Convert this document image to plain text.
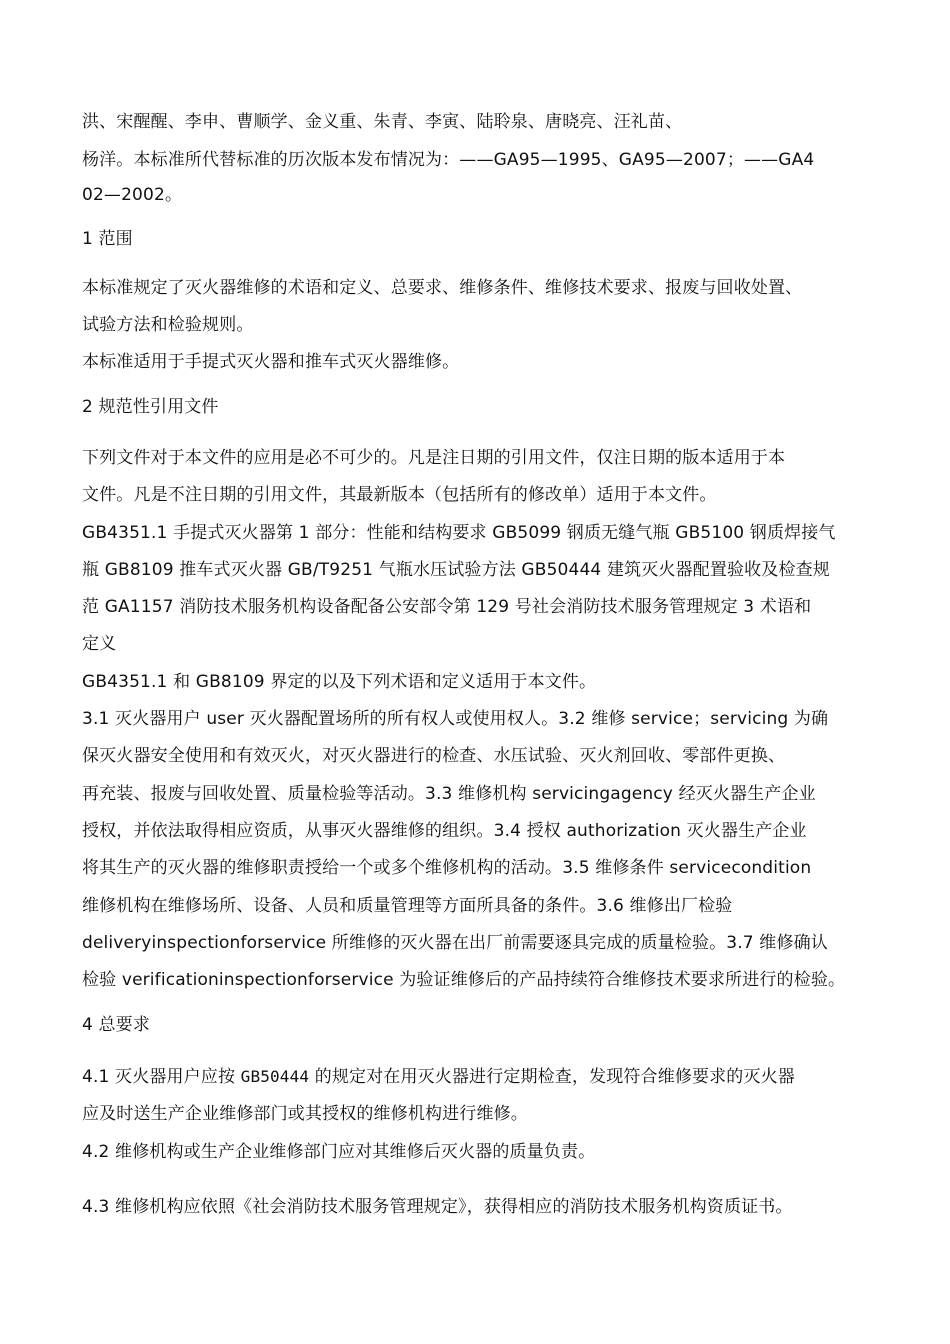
洪、宋醒醒、李申、曹顺学、金义重、朱青、李寅、陆聆泉、唐晓亮、汪礼苗、
杨洋。本标准所代替标准的历次版本发布情况为：——GA95—1995、GA95—2007；——GA4
02—2002。
1 范围
本标准规定了灭火器维修的术语和定义、总要求、维修条件、维修技术要求、报废与回收处置、
试验方法和检验规则。
本标准适用于手提式灭火器和推车式灭火器维修。
2 规范性引用文件
下列文件对于本文件的应用是必不可少的。凡是注日期的引用文件，仅注日期的版本适用于本
文件。凡是不注日期的引用文件，其最新版本（包括所有的修改单）适用于本文件。
GB4351.1 手提式灭火器第 1 部分：性能和结构要求 GB5099 钢质无缝气瓶 GB5100 钢质焊接气
瓶 GB8109 推车式灭火器 GB/T9251 气瓶水压试验方法 GB50444 建筑灭火器配置验收及检查规
范 GA1157 消防技术服务机构设备配备公安部令第 129 号社会消防技术服务管理规定 3 术语和
定义
GB4351.1 和 GB8109 界定的以及下列术语和定义适用于本文件。
3.1 灭火器用户 user 灭火器配置场所的所有权人或使用权人。3.2 维修 service；servicing 为确
保灭火器安全使用和有效灭火，对灭火器进行的检查、水压试验、灭火剂回收、零部件更换、
再充装、报废与回收处置、质量检验等活动。3.3 维修机构 servicingagency 经灭火器生产企业
授权，并依法取得相应资质，从事灭火器维修的组织。3.4 授权 authorization 灭火器生产企业
将其生产的灭火器的维修职责授给一个或多个维修机构的活动。3.5 维修条件 servicecondition
维修机构在维修场所、设备、人员和质量管理等方面所具备的条件。3.6 维修出厂检验
deliveryinspectionforservice 所维修的灭火器在出厂前需要逐具完成的质量检验。3.7 维修确认
检验 verificationinspectionforservice 为验证维修后的产品持续符合维修技术要求所进行的检验。
4 总要求
4.1 灭火器用户应按 GB50444 的规定对在用灭火器进行定期检查，发现符合维修要求的灭火器
应及时送生产企业维修部门或其授权的维修机构进行维修。
4.2 维修机构或生产企业维修部门应对其维修后灭火器的质量负责。
4.3 维修机构应依照《社会消防技术服务管理规定》，获得相应的消防技术服务机构资质证书。
